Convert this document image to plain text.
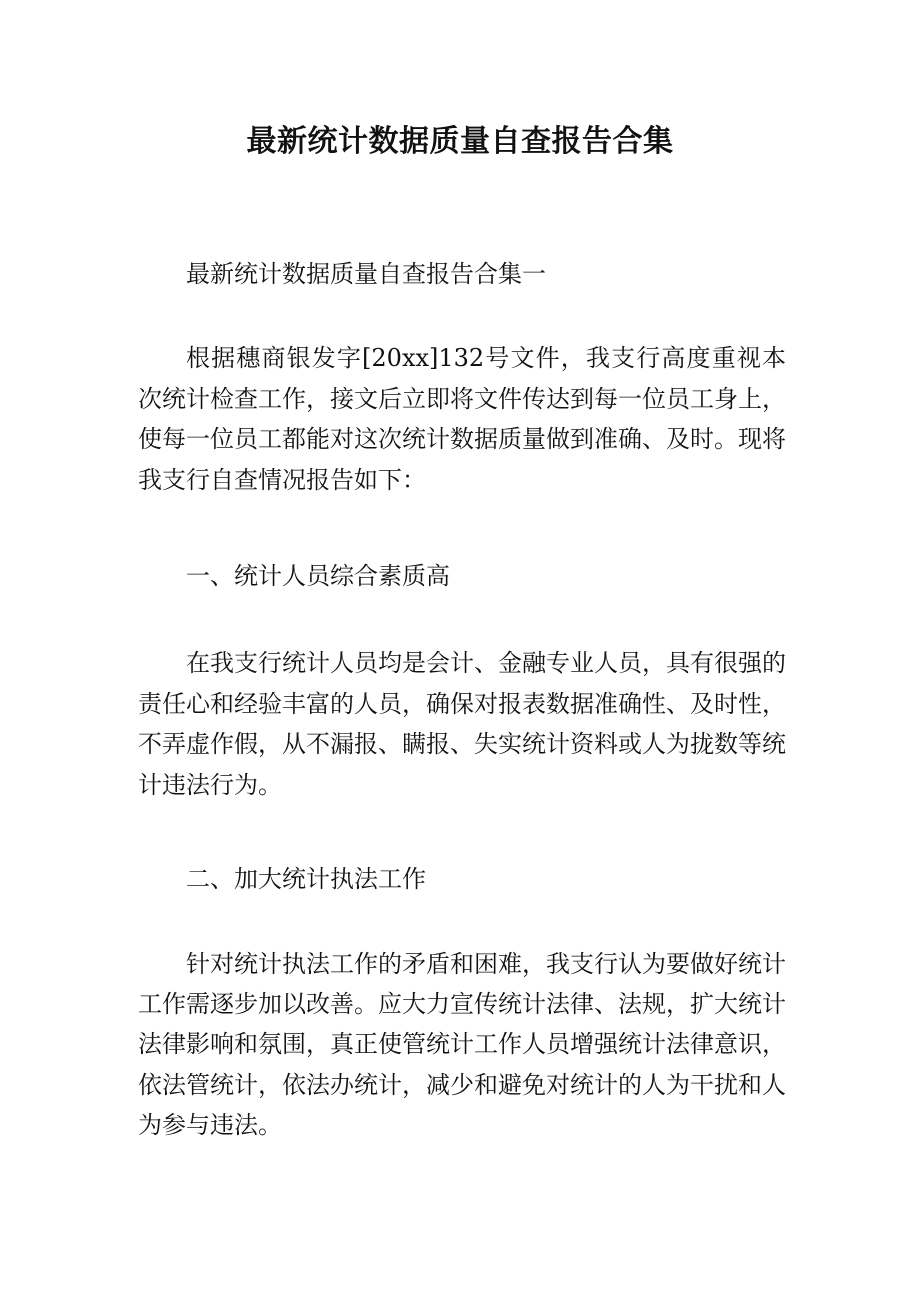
最新统计数据质量自查报告合集

最新统计数据质量自查报告合集一

根据穗商银发字[20xx]132号文件，我支行高度重视本次统计检查工作，接文后立即将文件传达到每一位员工身上，使每一位员工都能对这次统计数据质量做到准确、及时。现将我支行自查情况报告如下：

一、统计人员综合素质高

在我支行统计人员均是会计、金融专业人员，具有很强的责任心和经验丰富的人员，确保对报表数据准确性、及时性，不弄虚作假，从不漏报、瞒报、失实统计资料或人为拢数等统计违法行为。

二、加大统计执法工作

针对统计执法工作的矛盾和困难，我支行认为要做好统计工作需逐步加以改善。应大力宣传统计法律、法规，扩大统计法律影响和氛围，真正使管统计工作人员增强统计法律意识，依法管统计，依法办统计，减少和避免对统计的人为干扰和人为参与违法。
